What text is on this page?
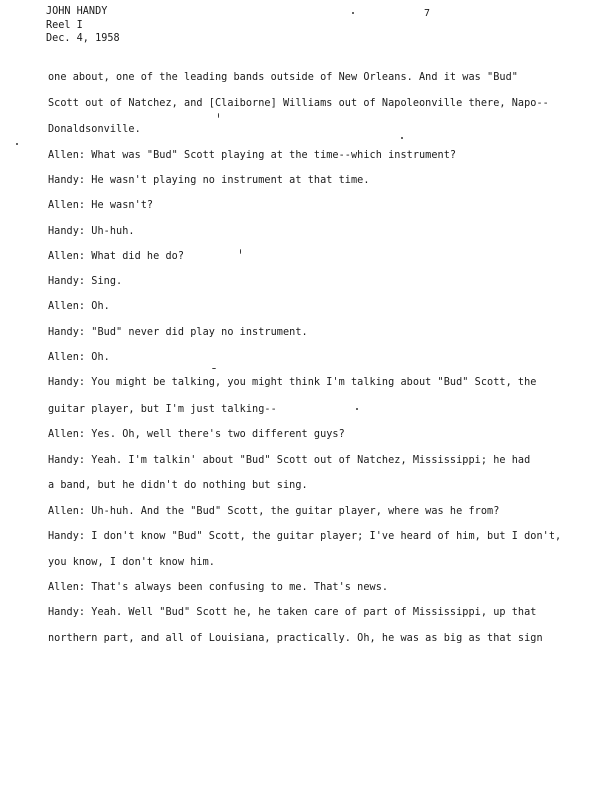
JOHN HANDY
Reel I
Dec. 4, 1958
7
one about, one of the leading bands outside of New Orleans. And it was "Bud"
Scott out of Natchez, and [Claiborne] Williams out of Napoleonville there, Napo--
Donaldsonville.
Allen: What was "Bud" Scott playing at the time--which instrument?
Handy: He wasn't playing no instrument at that time.
Allen: He wasn't?
Handy: Uh-huh.
Allen: What did he do?
Handy: Sing.
Allen: Oh.
Handy: "Bud" never did play no instrument.
Allen: Oh.
Handy: You might be talking, you might think I'm talking about "Bud" Scott, the
guitar player, but I'm just talking--
Allen: Yes. Oh, well there's two different guys?
Handy: Yeah. I'm talkin' about "Bud" Scott out of Natchez, Mississippi; he had
a band, but he didn't do nothing but sing.
Allen: Uh-huh. And the "Bud" Scott, the guitar player, where was he from?
Handy: I don't know "Bud" Scott, the guitar player; I've heard of him, but I don't,
you know, I don't know him.
Allen: That's always been confusing to me. That's news.
Handy: Yeah. Well "Bud" Scott he, he taken care of part of Mississippi, up that
northern part, and all of Louisiana, practically. Oh, he was as big as that sign
